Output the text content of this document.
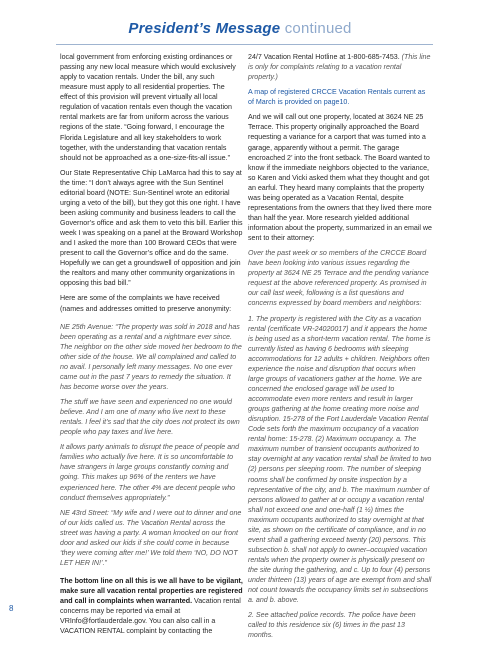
President’s Message continued

local government from enforcing existing ordinances or passing any new local measure which would exclusively apply to vacation rentals. Under the bill, any such measure must apply to all residential properties. The effect of this provision will prevent virtually all local regulation of vacation rentals even though the vacation rental markets are far from uniform across the various regions of the state. “Going forward, I encourage the Florida Legislature and all key stakeholders to work together, with the understanding that vacation rentals should not be approached as a one-size-fits-all issue.”

Our State Representative Chip LaMarca had this to say at the time: “I don’t always agree with the Sun Sentinel editorial board (NOTE: Sun-Sentinel wrote an editorial urging a veto of the bill), but they got this one right. I have been asking community and business leaders to call the Governor’s office and ask them to veto this bill. Earlier this week I was speaking on a panel at the Broward Workshop and I asked the more than 100 Broward CEOs that were present to call the Governor’s office and do the same. Hopefully we can get a groundswell of opposition and join the realtors and many other community organizations in opposing this bad bill.”

Here are some of the complaints we have received (names and addresses omitted to preserve anonymity:

NE 25th Avenue: “The property was sold in 2018 and has been operating as a rental and a nightmare ever since. The neighbor on the other side moved her bedroom to the other side of the house. We all complained and called to no avail. I personally left many messages. No one ever came out in the past 7 years to remedy the situation. It has become worse over the years.

The stuff we have seen and experienced no one would believe. And I am one of many who live next to these rentals. I feel it’s sad that the city does not protect its own people who pay taxes and live here.

It allows party animals to disrupt the peace of people and families who actually live here. It is so uncomfortable to have strangers in large groups constantly coming and going. This makes up 96% of the renters we have experienced here. The other 4% are decent people who conduct themselves appropriately.”

NE 43rd Street: “My wife and I were out to dinner and one of our kids called us. The Vacation Rental across the street was having a party. A woman knocked on our front door and asked our kids if she could come in because ‘they were coming after me!’ We told them ‘NO, DO NOT LET HER IN!’.”

The bottom line on all this is we all have to be vigilant, make sure all vacation rental properties are registered and call in complaints when warranted. Vacation rental concerns may be reported via email at VRInfo@fortlauderdale.gov. You can also call in a VACATION RENTAL complaint by contacting the

24/7 Vacation Rental Hotline at 1-800-685-7453. (This line is only for complaints relating to a vacation rental property.)

A map of registered CRCCE Vacation Rentals current as of March is provided on page10.

And we will call out one property, located at 3624 NE 25 Terrace. This property originally approached the Board requesting a variance for a carport that was turned into a garage, apparently without a permit. The garage encroached 2’ into the front setback. The Board wanted to know if the immediate neighbors objected to the variance, so Karen and Vicki asked them what they thought and got an earful. They heard many complaints that the property was being operated as a Vacation Rental, despite representations from the owners that they lived there more than half the year. More research yielded additional information about the property, summarized in an email we sent to their attorney:

Over the past week or so members of the CRCCE Board have been looking into various issues regarding the property at 3624 NE 25 Terrace and the pending variance request at the above referenced property. As promised in our call last week, following is a list questions and concerns expressed by board members and neighbors:

1. The property is registered with the City as a vacation rental (certificate VR-24020017) and it appears the home is being used as a short-term vacation rental. The home is currently listed as having 6 bedrooms with sleeping accommodations for 12 adults + children. Neighbors often experience the noise and disruption that occurs when large groups of vacationers gather at the home. We are concerned the enclosed garage will be used to accommodate even more renters and result in larger groups gathering at the home creating more noise and disruption. 15-278 of the Fort Lauderdale Vacation Rental Code sets forth the maximum occupancy of a vacation rental home: 15-278. (2) Maximum occupancy. a. The maximum number of transient occupants authorized to stay overnight at any vacation rental shall be limited to two (2) persons per sleeping room. The number of sleeping rooms shall be confirmed by onsite inspection by a representative of the city, and b. The maximum number of persons allowed to gather at or occupy a vacation rental shall not exceed one and one-half (1 ½) times the maximum occupants authorized to stay overnight at that site, as shown on the certificate of compliance, and in no event shall a gathering exceed twenty (20) persons. This subsection b. shall not apply to owner–occupied vacation rentals when the property owner is physically present on the site during the gathering, and c. Up to four (4) persons under thirteen (13) years of age are exempt from and shall not count towards the occupancy limits set in subsections a. and b. above.

2. See attached police records. The police have been called to this residence six (6) times in the past 13 months.

8
